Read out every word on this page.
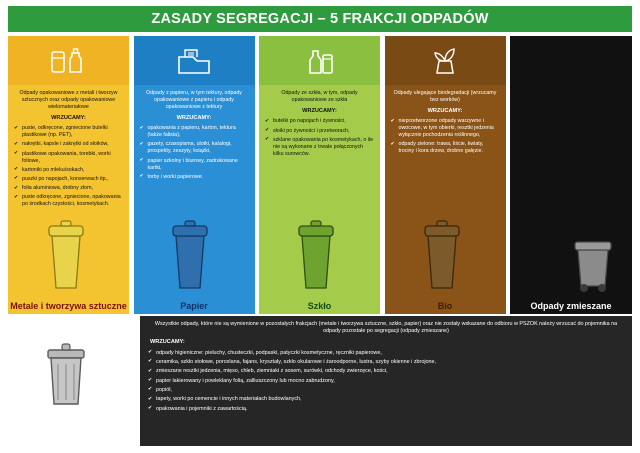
ZASADY SEGREGACJI – 5 FRAKCJI ODPADÓW

Odpady opakowaniowe z metali i tworzyw sztucznych oraz odpady opakowaniowe wielomateriałowe

WRZUCAMY:

✔ puste, odkręcone, zgniecione butelki plastikowe (np. PET),
✔ nakrętki, kapsle i zakrętki od słoików,
✔ plastikowe opakowania, torebki, worki foliowe,
✔ kartoniki po mleku/sokach,
✔ puszki po napojach, konserwach itp.,
✔ folia aluminiowa, drobny złom,
✔ puste odkręcone, zgniecione, opakowania po środkach czystości, kosmetykach.

Odpady z papieru, w tym tektury, odpady opakowaniowe z papieru i odpady opakowaniowe z tektury

WRZUCAMY:

✔ opakowania z papieru, karton, tektura (także falista),
✔ gazety, czasopisma, ulotki, katalogi, prospekty, zeszyty, książki,
✔ papier szkolny i biurowy, zadrukowane kartki,
✔ torby i worki papierowe.

Odpady ze szkła, w tym, odpady opakowaniowe ze szkła

WRZUCAMY:

✔ butelki po napojach i żywności,
✔ słoiki po żywności i przetworach,
✔ szklane opakowania po kosmetykach, o ile nie są wykonane z trwale połączonych kilku surowców.

Odpady ulegające biodegradacji (wrzucamy bez worków)

WRZUCAMY:

✔ nieprzetworzone odpady warzywne i owocowe, w tym obierki, resztki jedzenia wyłącznie pochodzenia roślinnego,
✔ odpady zielone: trawa, liście, kwiaty, trociny i kora drzew, drobne gałęzie.
Metale i tworzywa sztuczne	Papier	Szkło	Bio	Odpady zmieszane

Wszystkie odpady, które nie są wymienione w pozostałych frakcjach (metale i tworzywa sztuczne, szkło, papier) oraz nie zostały wskazane do odbioru w PSZOK należy wrzucać do pojemnika na odpady pozostałe po segregacji (odpady zmieszane)

WRZUCAMY:

✔ odpady higieniczne: pieluchy, chusteczki, podpaski, patyczki kosmetyczne, ręczniki papierowe,
✔ ceramika, szkło stołowe, porcelana, fajans, kryształy, szkło okularowe i żaroodporne, lustra, szyby okienne i zbrojone,
✔ zmieszane resztki jedzenia, mięso, chleb, ziemniaki z sosem, surówki, odchody zwierzęce, kości,
✔ papier lakierowany i powleklany folią, zalliuszczony lub mocno zabrudzony,
✔ popiół,
✔ tapety, worki po cemencie i innych materiałach budowlanych,
✔ opakowania i pojemniki z zawartością.
